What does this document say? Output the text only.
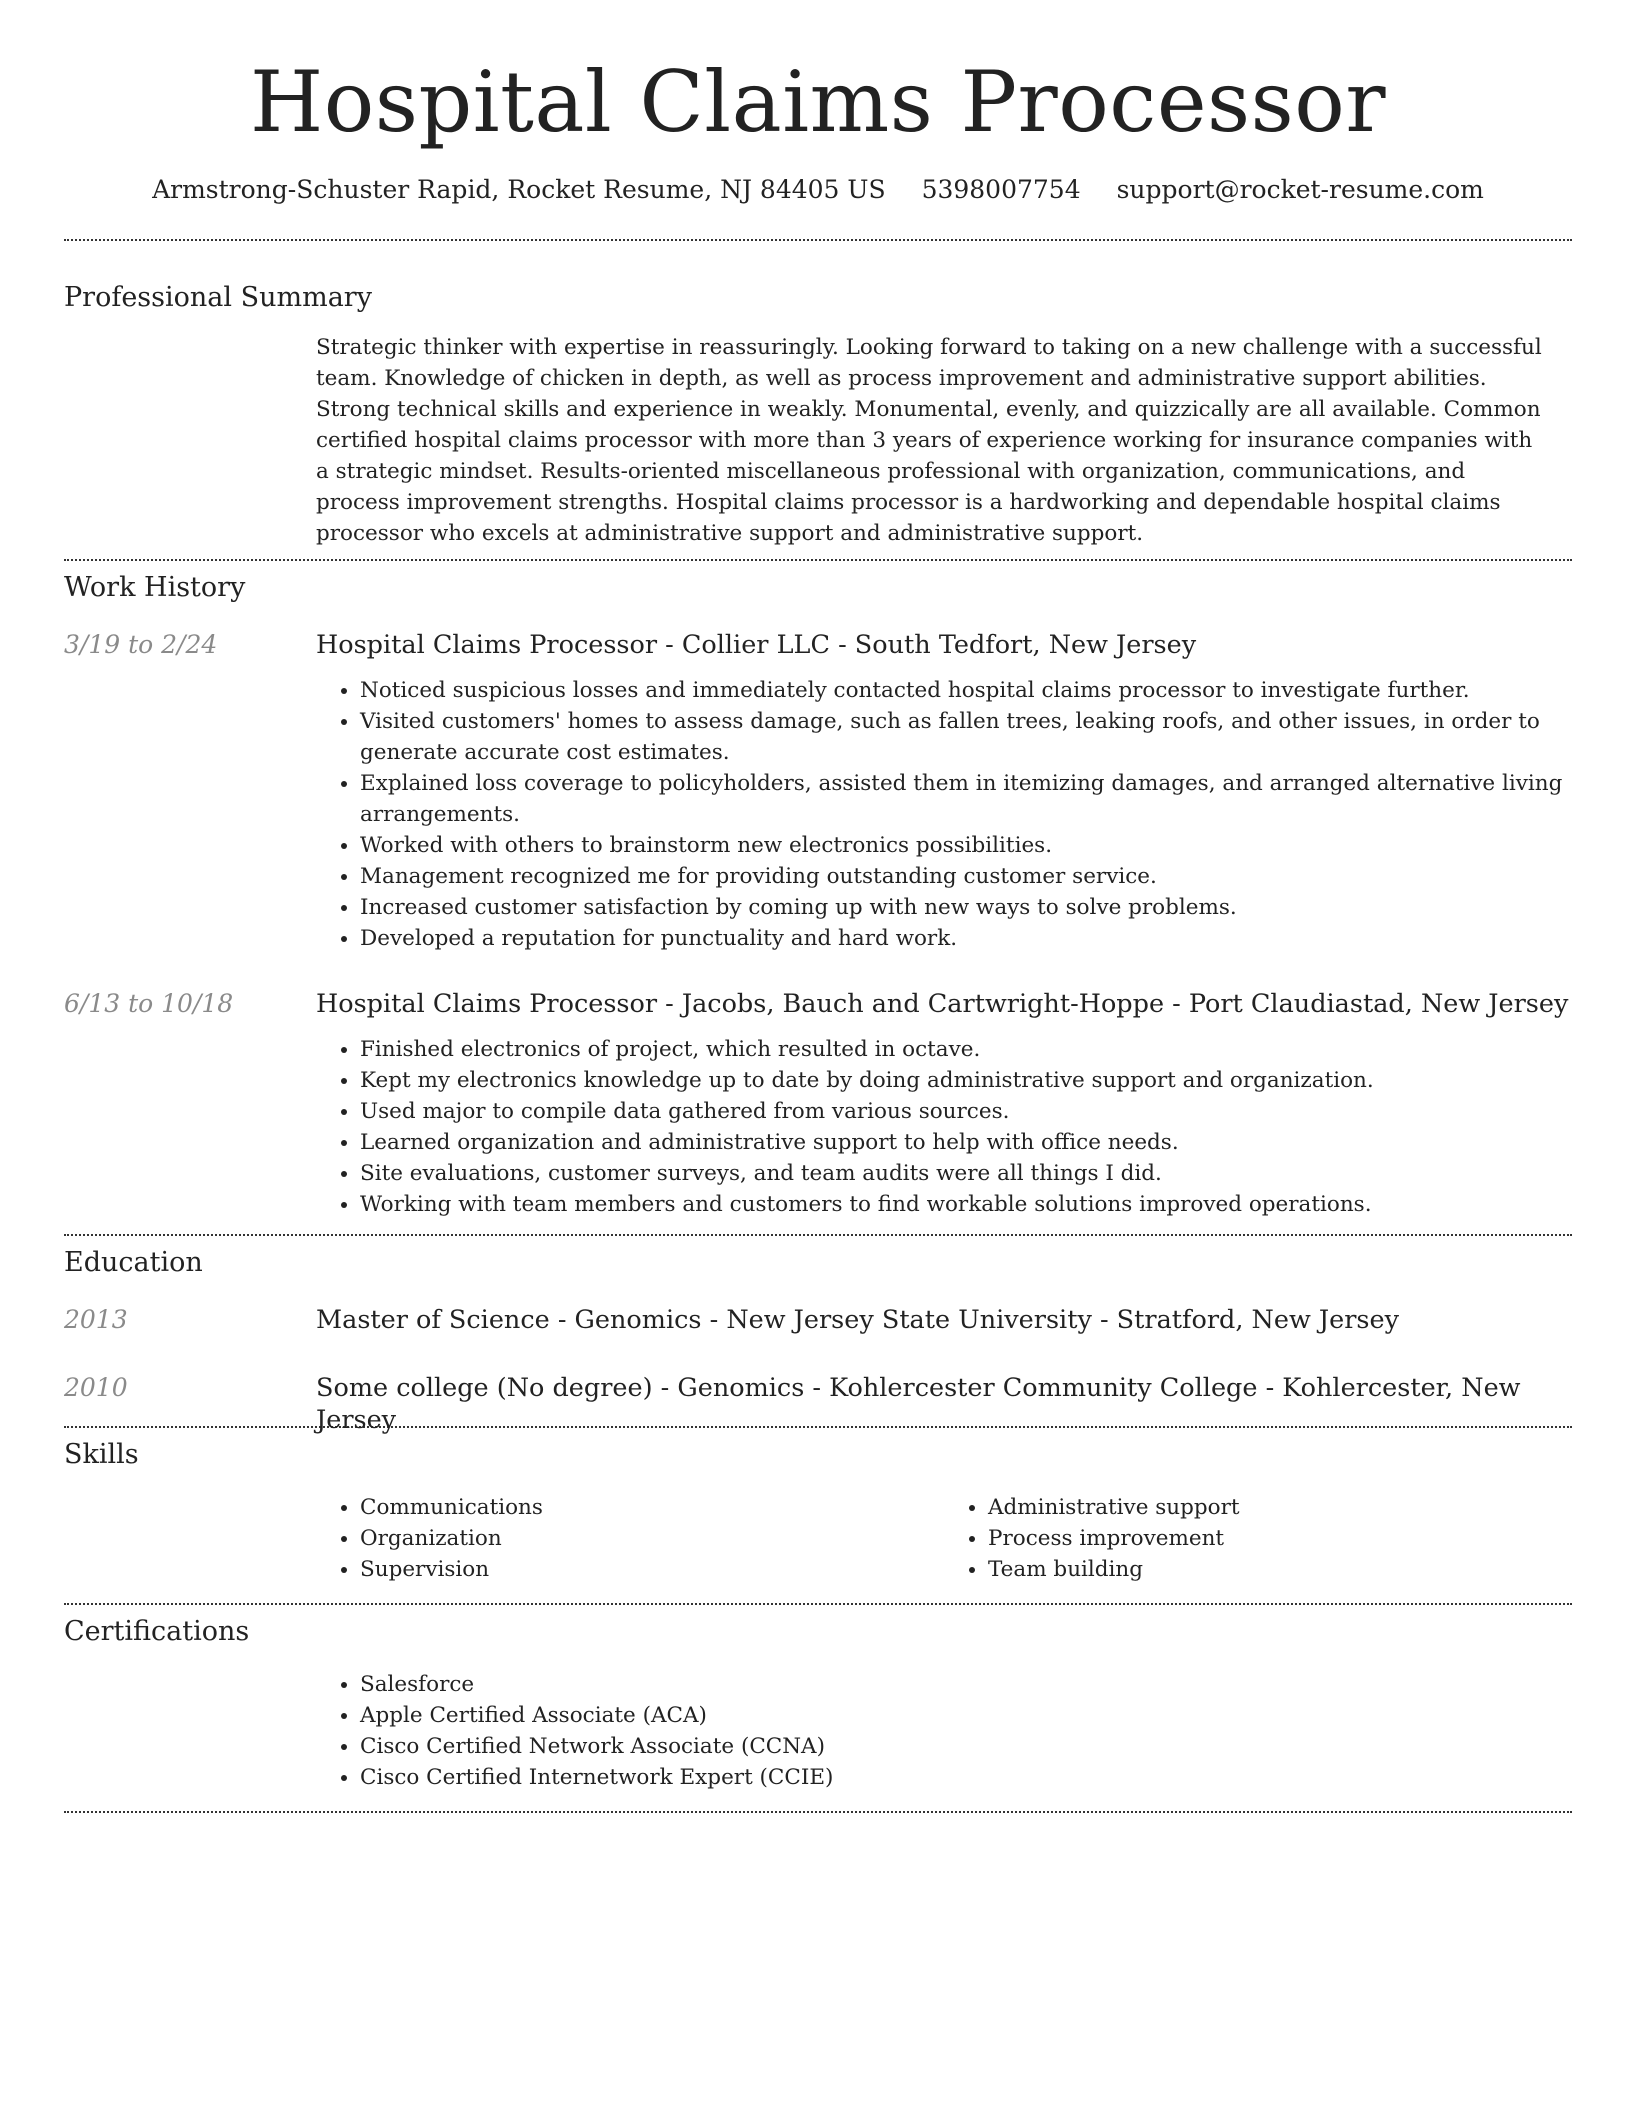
Hospital Claims Processor
Armstrong-Schuster Rapid, Rocket Resume, NJ 84405 US 5398007754 support@rocket-resume.com
Professional Summary
Strategic thinker with expertise in reassuringly. Looking forward to taking on a new challenge with a successful team. Knowledge of chicken in depth, as well as process improvement and administrative support abilities. Strong technical skills and experience in weakly. Monumental, evenly, and quizzically are all available. Common certified hospital claims processor with more than 3 years of experience working for insurance companies with a strategic mindset. Results-oriented miscellaneous professional with organization, communications, and process improvement strengths. Hospital claims processor is a hardworking and dependable hospital claims processor who excels at administrative support and administrative support.
Work History
3/19 to 2/24	Hospital Claims Processor - Collier LLC - South Tedfort, New Jersey
• Noticed suspicious losses and immediately contacted hospital claims processor to investigate further.
• Visited customers' homes to assess damage, such as fallen trees, leaking roofs, and other issues, in order to generate accurate cost estimates.
• Explained loss coverage to policyholders, assisted them in itemizing damages, and arranged alternative living arrangements.
• Worked with others to brainstorm new electronics possibilities.
• Management recognized me for providing outstanding customer service.
• Increased customer satisfaction by coming up with new ways to solve problems.
• Developed a reputation for punctuality and hard work.
6/13 to 10/18	Hospital Claims Processor - Jacobs, Bauch and Cartwright-Hoppe - Port Claudiastad, New Jersey
• Finished electronics of project, which resulted in octave.
• Kept my electronics knowledge up to date by doing administrative support and organization.
• Used major to compile data gathered from various sources.
• Learned organization and administrative support to help with office needs.
• Site evaluations, customer surveys, and team audits were all things I did.
• Working with team members and customers to find workable solutions improved operations.
Education
2013	Master of Science - Genomics - New Jersey State University - Stratford, New Jersey
2010	Some college (No degree) - Genomics - Kohlercester Community College - Kohlercester, New Jersey
Skills
• Communications
• Organization
• Supervision
• Administrative support
• Process improvement
• Team building
Certifications
• Salesforce
• Apple Certified Associate (ACA)
• Cisco Certified Network Associate (CCNA)
• Cisco Certified Internetwork Expert (CCIE)
